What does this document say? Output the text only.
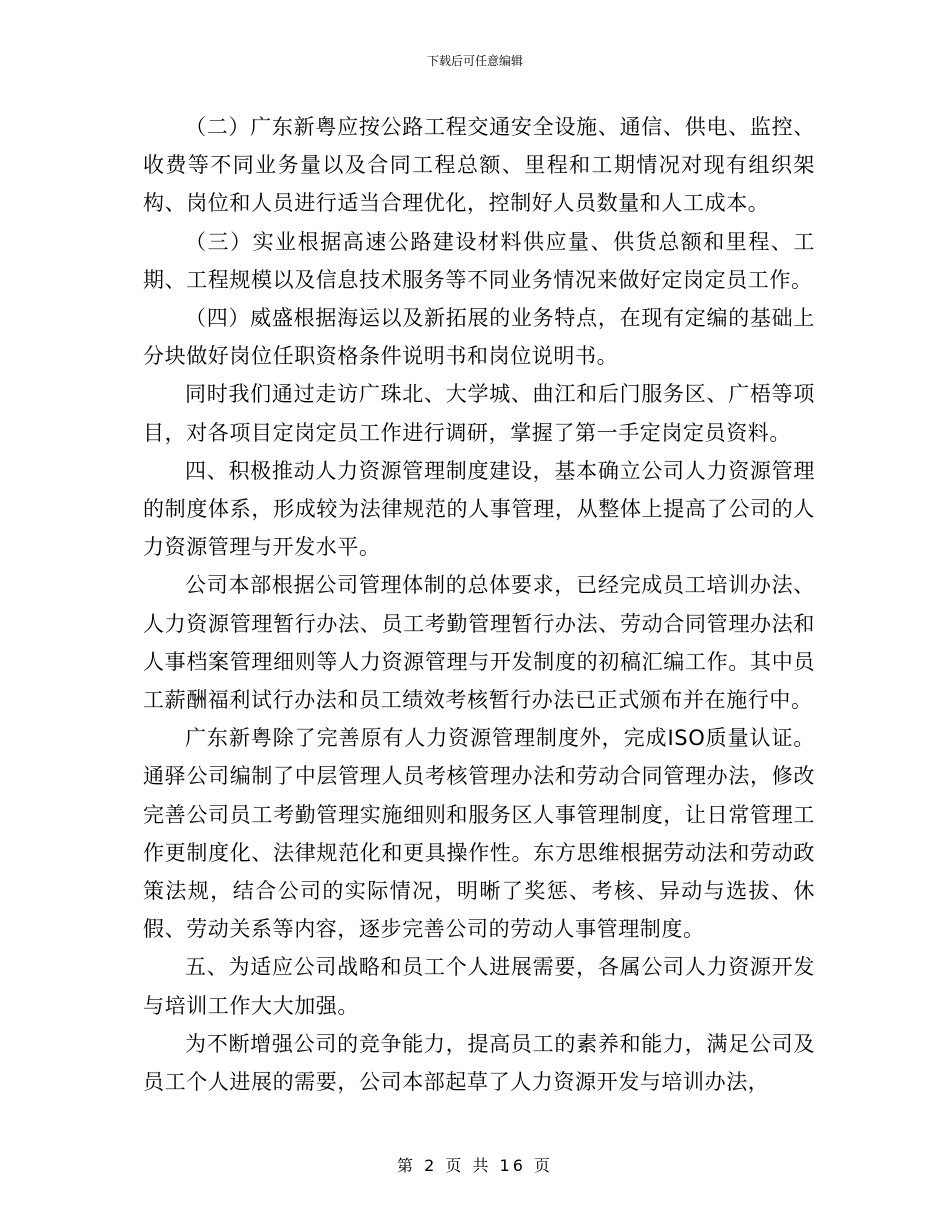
下载后可任意编辑

（二）广东新粤应按公路工程交通安全设施、通信、供电、监控、收费等不同业务量以及合同工程总额、里程和工期情况对现有组织架构、岗位和人员进行适当合理优化，控制好人员数量和人工成本。

（三）实业根据高速公路建设材料供应量、供货总额和里程、工期、工程规模以及信息技术服务等不同业务情况来做好定岗定员工作。

（四）威盛根据海运以及新拓展的业务特点，在现有定编的基础上分块做好岗位任职资格条件说明书和岗位说明书。

同时我们通过走访广珠北、大学城、曲江和后门服务区、广梧等项目，对各项目定岗定员工作进行调研，掌握了第一手定岗定员资料。

四、积极推动人力资源管理制度建设，基本确立公司人力资源管理的制度体系，形成较为法律规范的人事管理，从整体上提高了公司的人力资源管理与开发水平。

公司本部根据公司管理体制的总体要求，已经完成员工培训办法、人力资源管理暂行办法、员工考勤管理暂行办法、劳动合同管理办法和人事档案管理细则等人力资源管理与开发制度的初稿汇编工作。其中员工薪酬福利试行办法和员工绩效考核暂行办法已正式颁布并在施行中。

广东新粤除了完善原有人力资源管理制度外，完成ISO质量认证。通驿公司编制了中层管理人员考核管理办法和劳动合同管理办法，修改完善公司员工考勤管理实施细则和服务区人事管理制度，让日常管理工作更制度化、法律规范化和更具操作性。东方思维根据劳动法和劳动政策法规，结合公司的实际情况，明晰了奖惩、考核、异动与选拔、休假、劳动关系等内容，逐步完善公司的劳动人事管理制度。

五、为适应公司战略和员工个人进展需要，各属公司人力资源开发与培训工作大大加强。

为不断增强公司的竞争能力，提高员工的素养和能力，满足公司及员工个人进展的需要，公司本部起草了人力资源开发与培训办法，

第 2 页 共 16 页
